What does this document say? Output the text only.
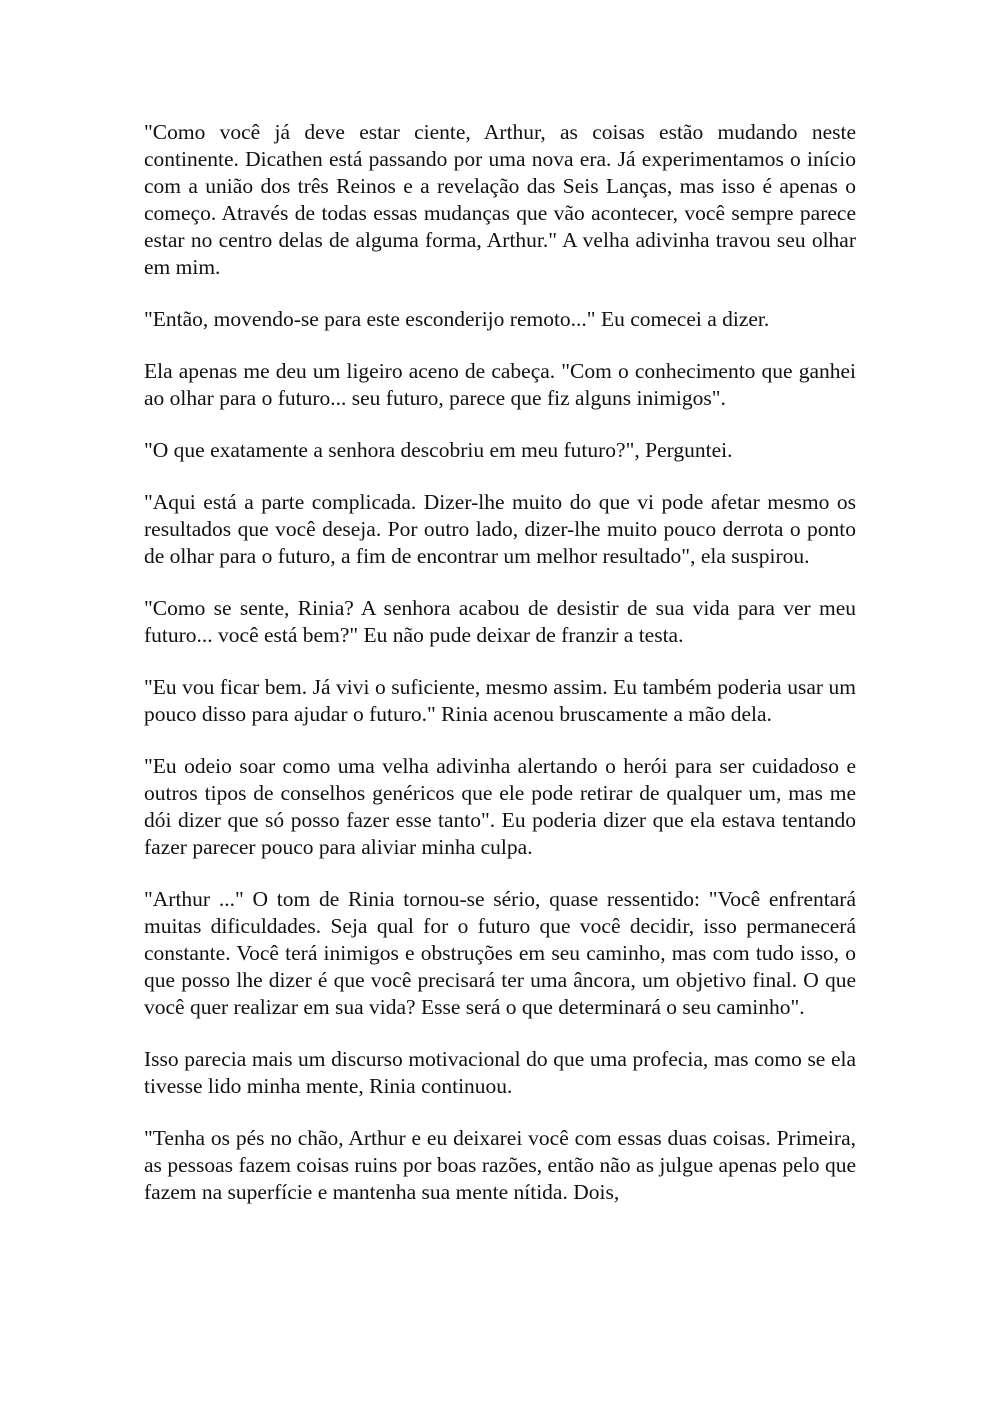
"Como você já deve estar ciente, Arthur, as coisas estão mudando neste continente. Dicathen está passando por uma nova era. Já experimentamos o início com a união dos três Reinos e a revelação das Seis Lanças, mas isso é apenas o começo. Através de todas essas mudanças que vão acontecer, você sempre parece estar no centro delas de alguma forma, Arthur." A velha adivinha travou seu olhar em mim.

"Então, movendo-se para este esconderijo remoto..." Eu comecei a dizer.

Ela apenas me deu um ligeiro aceno de cabeça. "Com o conhecimento que ganhei ao olhar para o futuro... seu futuro, parece que fiz alguns inimigos".

"O que exatamente a senhora descobriu em meu futuro?", Perguntei.

"Aqui está a parte complicada. Dizer-lhe muito do que vi pode afetar mesmo os resultados que você deseja. Por outro lado, dizer-lhe muito pouco derrota o ponto de olhar para o futuro, a fim de encontrar um melhor resultado", ela suspirou.

"Como se sente, Rinia? A senhora acabou de desistir de sua vida para ver meu futuro... você está bem?" Eu não pude deixar de franzir a testa.

"Eu vou ficar bem. Já vivi o suficiente, mesmo assim. Eu também poderia usar um pouco disso para ajudar o futuro." Rinia acenou bruscamente a mão dela.

"Eu odeio soar como uma velha adivinha alertando o herói para ser cuidadoso e outros tipos de conselhos genéricos que ele pode retirar de qualquer um, mas me dói dizer que só posso fazer esse tanto". Eu poderia dizer que ela estava tentando fazer parecer pouco para aliviar minha culpa.

"Arthur ..." O tom de Rinia tornou-se sério, quase ressentido: "Você enfrentará muitas dificuldades. Seja qual for o futuro que você decidir, isso permanecerá constante. Você terá inimigos e obstruções em seu caminho, mas com tudo isso, o que posso lhe dizer é que você precisará ter uma âncora, um objetivo final. O que você quer realizar em sua vida? Esse será o que determinará o seu caminho".

Isso parecia mais um discurso motivacional do que uma profecia, mas como se ela tivesse lido minha mente, Rinia continuou.

"Tenha os pés no chão, Arthur e eu deixarei você com essas duas coisas. Primeira, as pessoas fazem coisas ruins por boas razões, então não as julgue apenas pelo que fazem na superfície e mantenha sua mente nítida. Dois,
